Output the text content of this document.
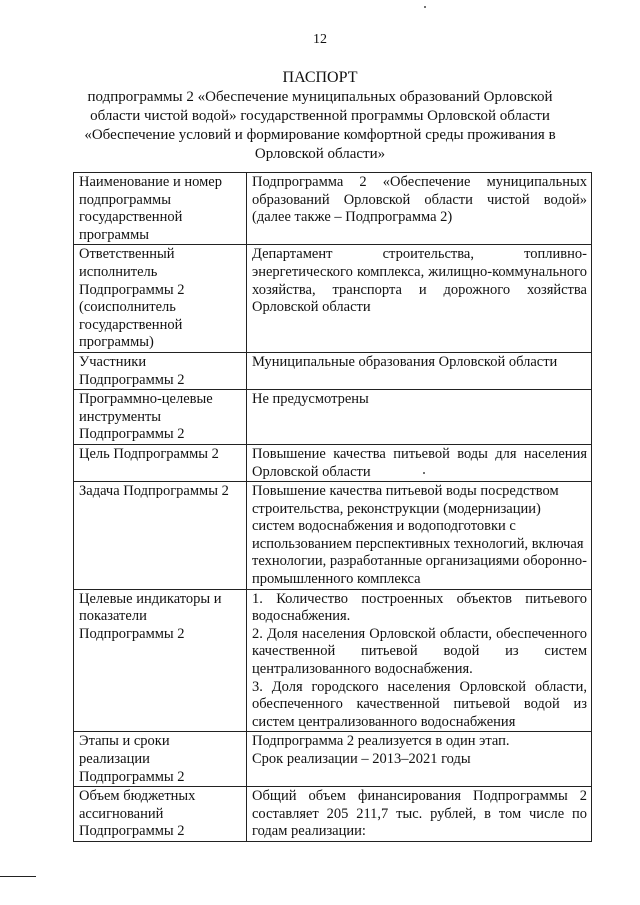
12
ПАСПОРТ
подпрограммы 2 «Обеспечение муниципальных образований Орловской
области чистой водой» государственной программы Орловской области
«Обеспечение условий и формирование комфортной среды проживания в
Орловской области»
Наименование и номер подпрограммы государственной программы	Подпрограмма 2 «Обеспечение муниципальных образований Орловской области чистой водой» (далее также – Подпрограмма 2)

Ответственный исполнитель Подпрограммы 2 (соисполнитель государственной программы)	Департамент строительства, топливно-энергетического комплекса, жилищно-коммунального хозяйства, транспорта и дорожного хозяйства Орловской области

Участники Подпрограммы 2	Муниципальные образования Орловской области

Программно-целевые инструменты Подпрограммы 2	Не предусмотрены

Цель Подпрограммы 2	Повышение качества питьевой воды для населения Орловской области

Задача Подпрограммы 2	Повышение качества питьевой воды посредством строительства, реконструкции (модернизации) систем водоснабжения и водоподготовки с использованием перспективных технологий, включая технологии, разработанные организациями оборонно-промышленного комплекса

Целевые индикаторы и показатели Подпрограммы 2	1. Количество построенных объектов питьевого водоснабжения.
2. Доля населения Орловской области, обеспеченного качественной питьевой водой из систем централизованного водоснабжения.
3. Доля городского населения Орловской области, обеспеченного качественной питьевой водой из систем централизованного водоснабжения

Этапы и сроки реализации Подпрограммы 2	Подпрограмма 2 реализуется в один этап.
Срок реализации – 2013–2021 годы

Объем бюджетных ассигнований Подпрограммы 2	Общий объем финансирования Подпрограммы 2 составляет 205 211,7 тыс. рублей, в том числе по годам реализации:
